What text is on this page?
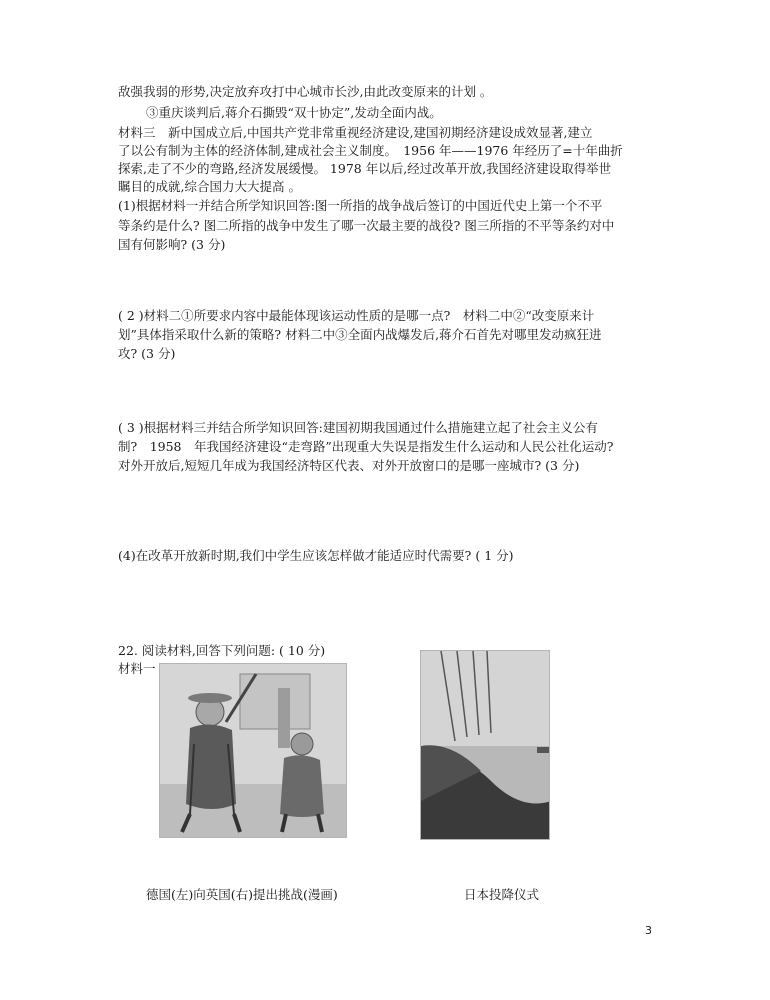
敌强我弱的形势,决定放弃攻打中心城市长沙,由此改变原来的计划 。
③重庆谈判后,蒋介石撕毁“双十协定”,发动全面内战。
材料三　新中国成立后,中国共产党非常重视经济建设,建国初期经济建设成效显著,建立
了以公有制为主体的经济体制,建成社会主义制度。　1956 年——1976 年经历了=十年曲折
探索,走了不少的弯路,经济发展缓慢。 1978 年以后,经过改革开放,我国经济建设取得举世
瞩目的成就,综合国力大大提高 。
(1)根据材料一并结合所学知识回答:图一所指的战争战后签订的中国近代史上第一个不平
等条约是什么? 图二所指的战争中发生了哪一次最主要的战役? 图三所指的不平等条约对中
国有何影响? (3 分)
( 2 )材料二①所要求内容中最能体现该运动性质的是哪一点?　材料二中②“改变原来计
划”具体指采取什么新的策略? 材料二中③全面内战爆发后,蒋介石首先对哪里发动疯狂进
攻? (3 分)
( 3 )根据材料三并结合所学知识回答:建国初期我国通过什么措施建立起了社会主义公有
制?　1958　年我国经济建设“走弯路”出现重大失误是指发生什么运动和人民公社化运动?
对外开放后,短短几年成为我国经济特区代表、对外开放窗口的是哪一座城市? (3 分)
(4)在改革开放新时期,我们中学生应该怎样做才能适应时代需要? ( 1 分)
22. 阅读材料,回答下列问题: ( 10 分)
材料一
德国(左)向英国(右)提出挑战(漫画)	日本投降仪式
3
